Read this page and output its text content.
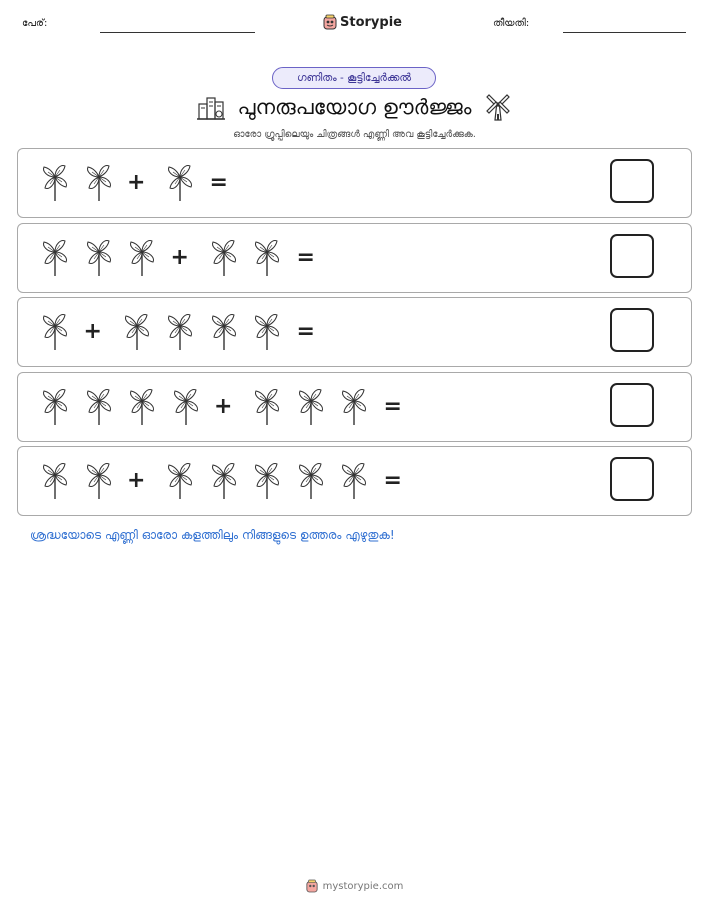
പേര്:	Storypie	തീയതി:
ഗണിതം - കൂട്ടിച്ചേർക്കൽ
പുനരുപയോഗ ഊർജ്ജം
ഓരോ ഗ്രൂപ്പിലെയും ചിത്രങ്ങൾ എണ്ണി അവ കൂട്ടിച്ചേർക്കുക.
+	=
+	=
+	=
+	=
+	=
ശ്രദ്ധയോടെ എണ്ണി ഓരോ കളത്തിലും നിങ്ങളുടെ ഉത്തരം എഴുതുക!
mystorypie.com
